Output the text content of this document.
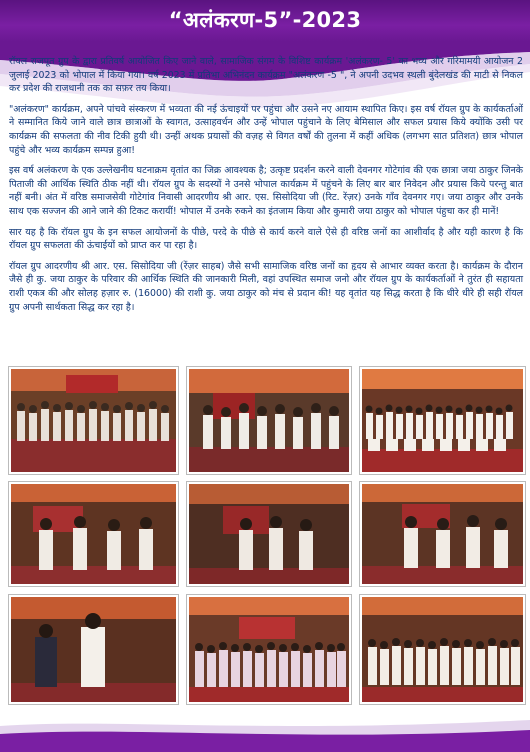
“अलंकरण-5”-2023

रॉयल राजपूत ग्रुप के द्वारा प्रतिवर्ष आयोजित किए जाने वाले, सामाजिक संगम के विशिष्ट कार्यक्रम 'अलंकरण- 5' का भव्य और गरिमामयी आयोजन 2 जुलाई 2023 को भोपाल में किया गया। वर्ष 2023 में प्रतिभा अभिनंदन कार्यक्रम "अलंकरण -5 ", ने अपनी उदभव स्थली बुंदेलखंड की माटी से निकल कर प्रदेश की राजधानी तक का सफ़र तय किया।

"अलंकरण" कार्यक्रम, अपने पांचवे संस्करण में भव्यता की नई ऊंचाइयों पर पहुंचा और उसने नए आयाम स्थापित किए। इस वर्ष रॉयल ग्रुप के कार्यकर्ताओं ने सम्मानित किये जाने वाले छात्र छात्राओं के स्वागत, उत्साहवर्धन और उन्हें भोपाल पहुंचाने के लिए बेमिसाल और सफल प्रयास किये क्योंकि उसी पर कार्यक्रम की सफलता की नीव टिकी हुयी थी। उन्हीं अथक प्रयासों की वज़ह से विगत वर्षों की तुलना में कहीं अधिक (लगभग सात प्रतिशत) छात्र भोपाल पहुंचे और भव्य कार्यक्रम सम्पन्न हुआ!

इस वर्ष अलंकरण के एक उल्लेखनीय घटनाक्रम वृतांत का जिक्र आवश्यक है; उत्कृष्ट प्रदर्शन करने वाली देवनगर गोटेगांव की एक छात्रा जया ठाकुर जिनके पिताजी की आर्थिक स्थिति ठीक नहीं थी। रॉयल ग्रुप के सदस्यों ने उनसे भोपाल कार्यक्रम में पहुंचने के लिए बार बार निवेदन और प्रयास किये परन्तु बात नहीं बनी। अंत में वरिष्ठ समाजसेवी गोटेगांव निवासी आदरणीय श्री आर. एस. सिसोदिया जी (रिट. रेंज़र) उनके गाँव देवनगर गए। जया ठाकुर और उनके साथ एक सज्जन की आने जाने की टिकट करायीं! भोपाल में उनके रुकने का इंतजाम किया और कुमारी जया ठाकुर को भोपाल पंहुचा कर ही मानें!

सार यह है कि रॉयल ग्रुप के इन सफल आयोजनों के पीछे, परदे के पीछे से कार्य करने वाले ऐसे ही वरिष्ठ जनों का आशीर्वाद है और यही कारण है कि रॉयल ग्रुप सफलता की ऊंचाईयों को प्राप्त कर पा रहा है।

रॉयल ग्रुप आदरणीय श्री आर. एस. सिसोदिया जी (रेंज़र साहब) जैसे सभी सामाजिक वरिष्ठ जनों का हृदय से आभार व्यक्त करता है। कार्यक्रम के दौरान जैसे ही कु. जया ठाकुर के परिवार की आर्थिक स्थिति की जानकारी मिली, वहां उपस्थित समाज जनो और रॉयल ग्रुप के कार्यकर्ताओं ने तुरंत ही सहायता राशी एकत्र की और सोलह हज़ार रु. (16000) की राशी कु. जया ठाकुर को मंच से प्रदान की! यह वृतांत यह सिद्ध करता है कि धीरे धीरे ही सही रॉयल ग्रुप अपनी सार्थकता सिद्ध कर रहा है।
